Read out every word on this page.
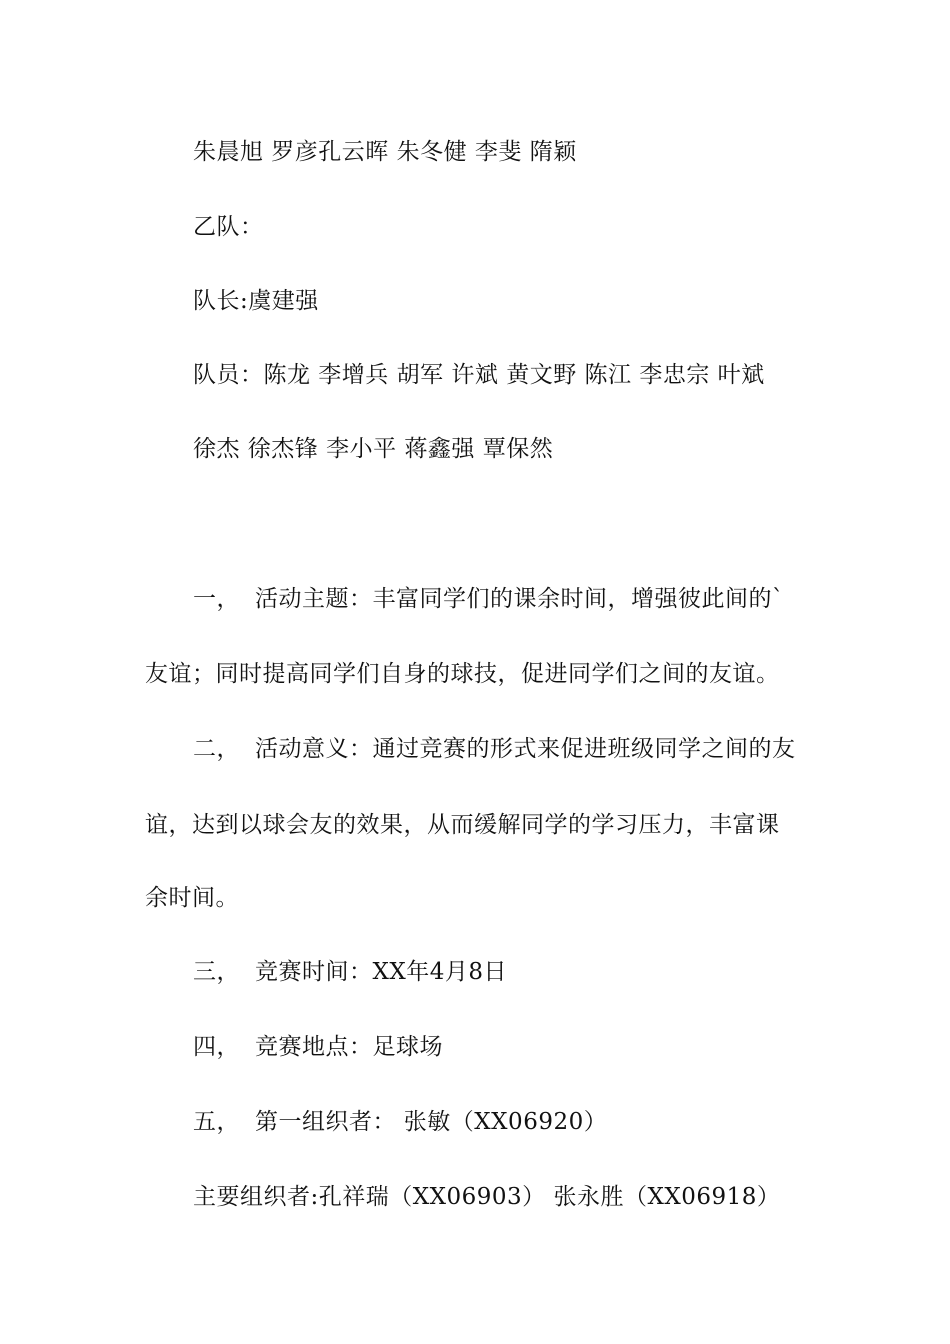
朱晨旭 罗彦孔云晖 朱冬健 李斐 隋颖
乙队：
队长:虞建强
队员：陈龙 李增兵 胡军 许斌 黄文野 陈江 李忠宗 叶斌
徐杰 徐杰锋 李小平 蒋鑫强 覃保然
一， 活动主题：丰富同学们的课余时间，增强彼此间的`
友谊；同时提高同学们自身的球技，促进同学们之间的友谊。
二， 活动意义：通过竞赛的形式来促进班级同学之间的友
谊，达到以球会友的效果，从而缓解同学的学习压力，丰富课
余时间。
三， 竞赛时间：XX年4月8日
四， 竞赛地点：足球场
五， 第一组织者： 张敏（XX06920）
主要组织者:孔祥瑞（XX06903） 张永胜（XX06918）
